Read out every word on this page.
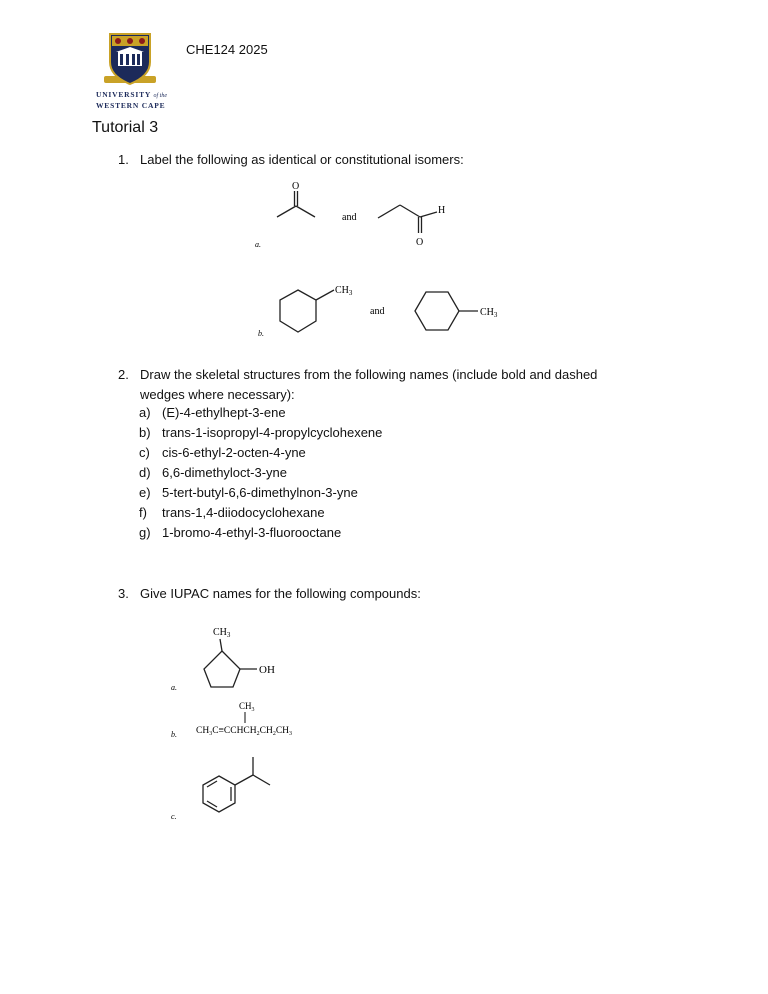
UNIVERSITY of the
WESTERN CAPE
CHE124 2025
Tutorial 3
1. Label the following as identical or constitutional isomers:
a.
O
and
H
O
b.
$CH_3$
and	$CH_3$
2. Draw the skeletal structures from the following names (include bold and dashed
wedges where necessary):
a) (E)-4-ethylhept-3-ene
b) trans-1-isopropyl-4-propylcyclohexene
c) cis-6-ethyl-2-octen-4-yne
d) 6,6-dimethyloct-3-yne
e) 5-tert-butyl-6,6-dimethylnon-3-yne
f) trans-1,4-diiodocyclohexane
g) 1-bromo-4-ethyl-3-fluorooctane
3. Give IUPAC names for the following compounds:
a.
$CH_3$
OH
$CH_3$
b. $CH_3C\equiv CCHCH_2CH_2CH_3$
c.
